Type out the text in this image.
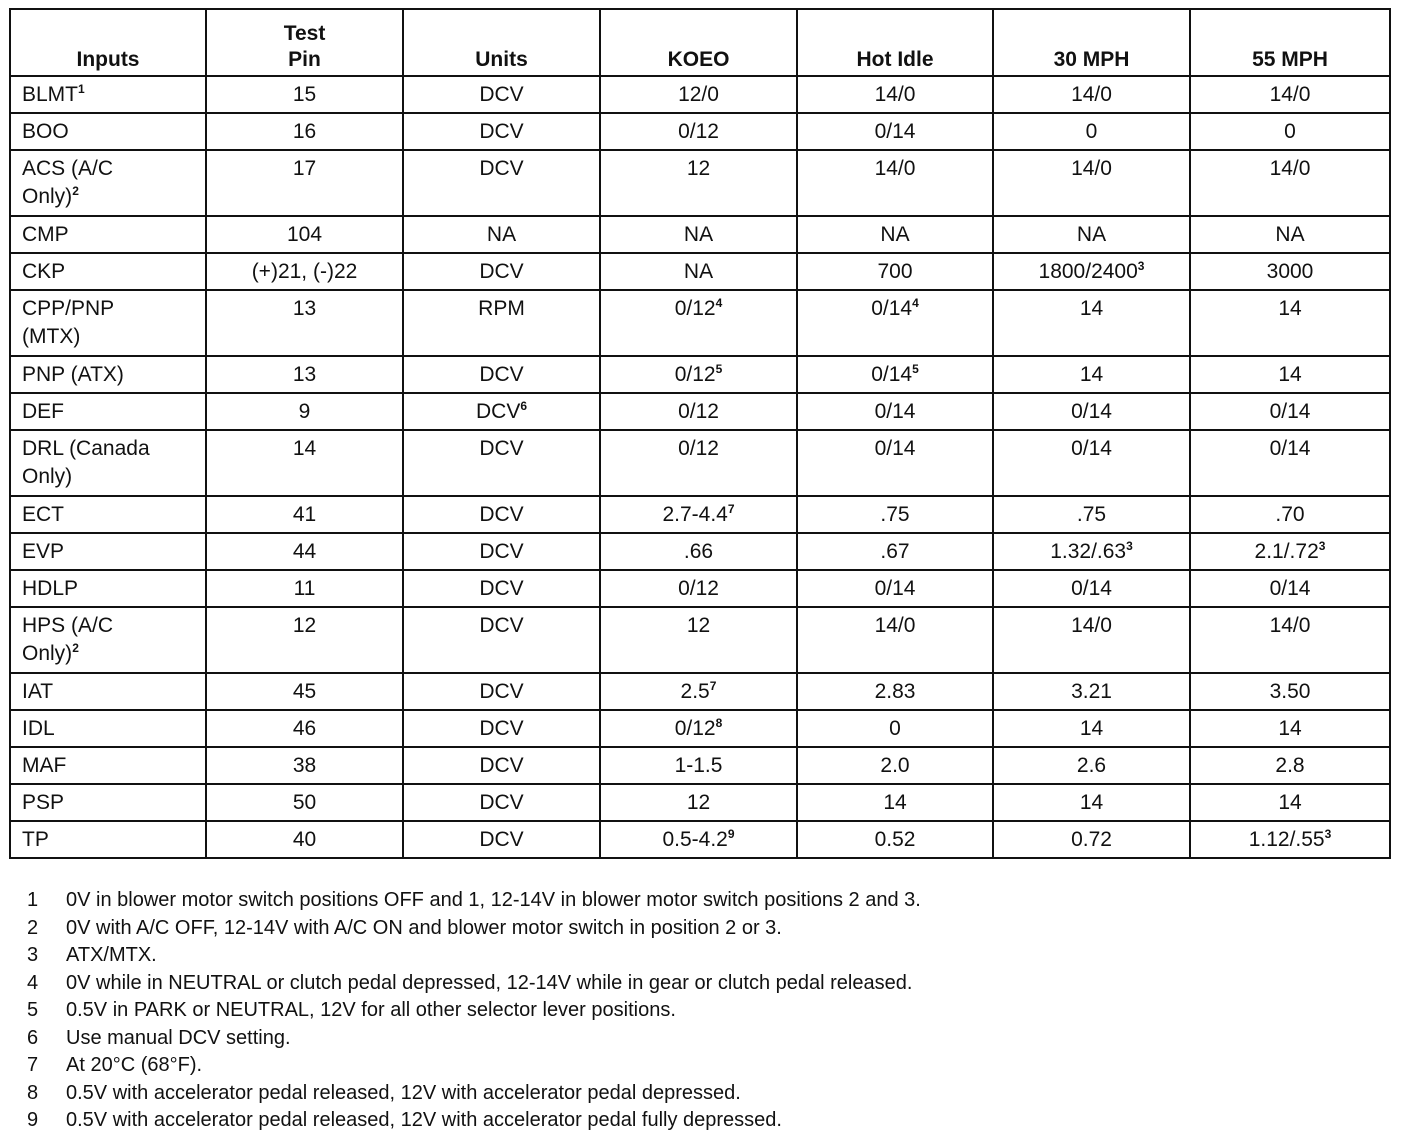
Inputs	Test
Pin	Units	KOEO	Hot Idle	30 MPH	55 MPH
BLMT$^1$	15	DCV	12/0	14/0	14/0	14/0
BOO	16	DCV	0/12	0/14	0	0
ACS (A/C
Only)$^2$	17	DCV	12	14/0	14/0	14/0
CMP	104	NA	NA	NA	NA	NA
CKP	(+)21, (-)22	DCV	NA	700	1800/2400$^3$	3000
CPP/PNP
(MTX)	13	RPM	$0/12^4$	$0/14^4$	14	14
PNP (ATX)	13	DCV	$0/12^5$	$0/14^5$	14	14
DEF	9	DCV$^6$	0/12	0/14	0/14	0/14
DRL (Canada
Only)	14	DCV	0/12	0/14	0/14	0/14
ECT	41	DCV	$2.7-4.4^7$	.75	.75	.70
EVP	44	DCV	.66	.67	$1.32/.63^3$	$2.1/.72^3$
HDLP	11	DCV	0/12	0/14	0/14	0/14
HPS (A/C
Only)$^2$	12	DCV	12	14/0	14/0	14/0
IAT	45	DCV	$2.5^7$	2.83	3.21	3.50
IDL	46	DCV	$0/12^8$	0	14	14
MAF	38	DCV	1-1.5	2.0	2.6	2.8
PSP	50	DCV	12	14	14	14
TP	40	DCV	$0.5-4.2^9$	0.52	0.72	$1.12/.55^3$
1 0V in blower motor switch positions OFF and 1, 12-14V in blower motor switch positions 2 and 3.
2 0V with A/C OFF, 12-14V with A/C ON and blower motor switch in position 2 or 3.
3 ATX/MTX.
4 0V while in NEUTRAL or clutch pedal depressed, 12-14V while in gear or clutch pedal released.
5 0.5V in PARK or NEUTRAL, 12V for all other selector lever positions.
6 Use manual DCV setting.
7 At 20°C (68°F).
8 0.5V with accelerator pedal released, 12V with accelerator pedal depressed.
9 0.5V with accelerator pedal released, 12V with accelerator pedal fully depressed.
